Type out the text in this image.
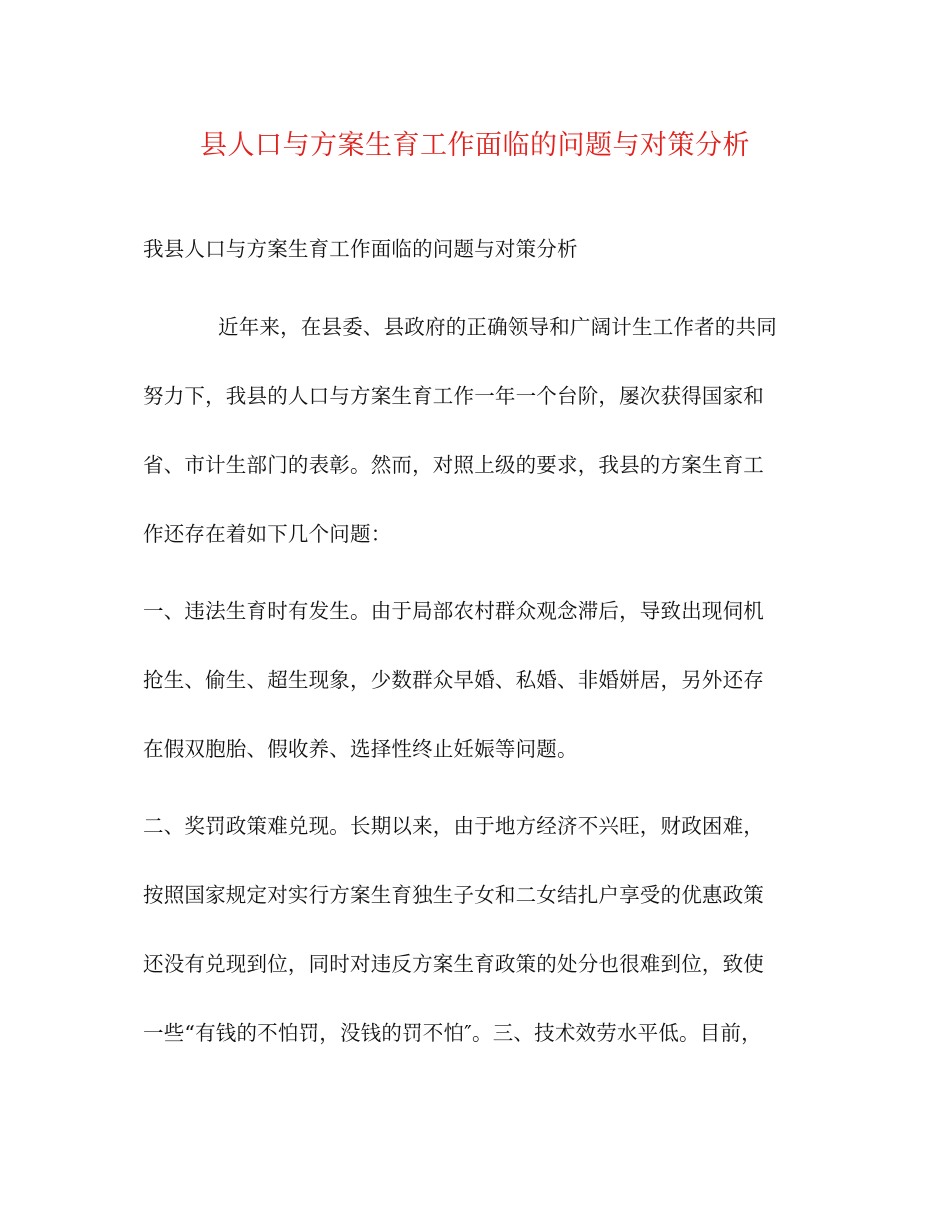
县人口与方案生育工作面临的问题与对策分析
我县人口与方案生育工作面临的问题与对策分析
近年来，在县委、县政府的正确领导和广阔计生工作者的共同
努力下，我县的人口与方案生育工作一年一个台阶，屡次获得国家和
省、市计生部门的表彰。然而，对照上级的要求，我县的方案生育工
作还存在着如下几个问题：
一、违法生育时有发生。由于局部农村群众观念滞后，导致出现伺机
抢生、偷生、超生现象，少数群众早婚、私婚、非婚姘居，另外还存
在假双胞胎、假收养、选择性终止妊娠等问题。
二、奖罚政策难兑现。长期以来，由于地方经济不兴旺，财政困难，
按照国家规定对实行方案生育独生子女和二女结扎户享受的优惠政策
还没有兑现到位，同时对违反方案生育政策的处分也很难到位，致使
一些“有钱的不怕罚，没钱的罚不怕″。三、技术效劳水平低。目前，
